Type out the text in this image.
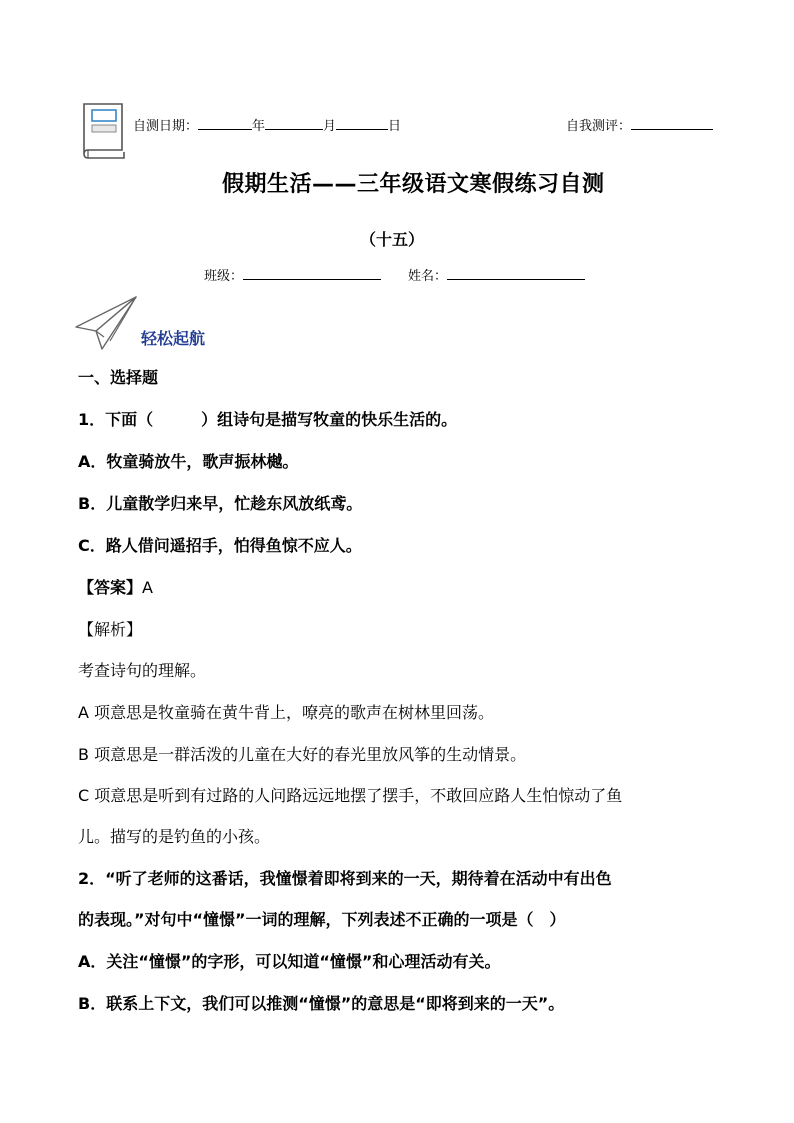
自测日期：	年	月	日	自我测评：
假期生活——三年级语文寒假练习自测
（十五）
班级：	姓名：
轻松起航
一、选择题
1．下面（　　　）组诗句是描写牧童的快乐生活的。
A．牧童骑放牛，歌声振林樾。
B．儿童散学归来早，忙趁东风放纸鸢。
C．路人借问遥招手，怕得鱼惊不应人。
【答案】A
【解析】
考查诗句的理解。
A 项意思是牧童骑在黄牛背上，嘹亮的歌声在树林里回荡。
B 项意思是一群活泼的儿童在大好的春光里放风筝的生动情景。
C 项意思是听到有过路的人问路远远地摆了摆手，不敢回应路人生怕惊动了鱼
儿。描写的是钓鱼的小孩。
2．“听了老师的这番话，我憧憬着即将到来的一天，期待着在活动中有出色
的表现。”对句中“憧憬”一词的理解，下列表述不正确的一项是（　）
A．关注“憧憬”的字形，可以知道“憧憬”和心理活动有关。
B．联系上下文，我们可以推测“憧憬”的意思是“即将到来的一天”。
